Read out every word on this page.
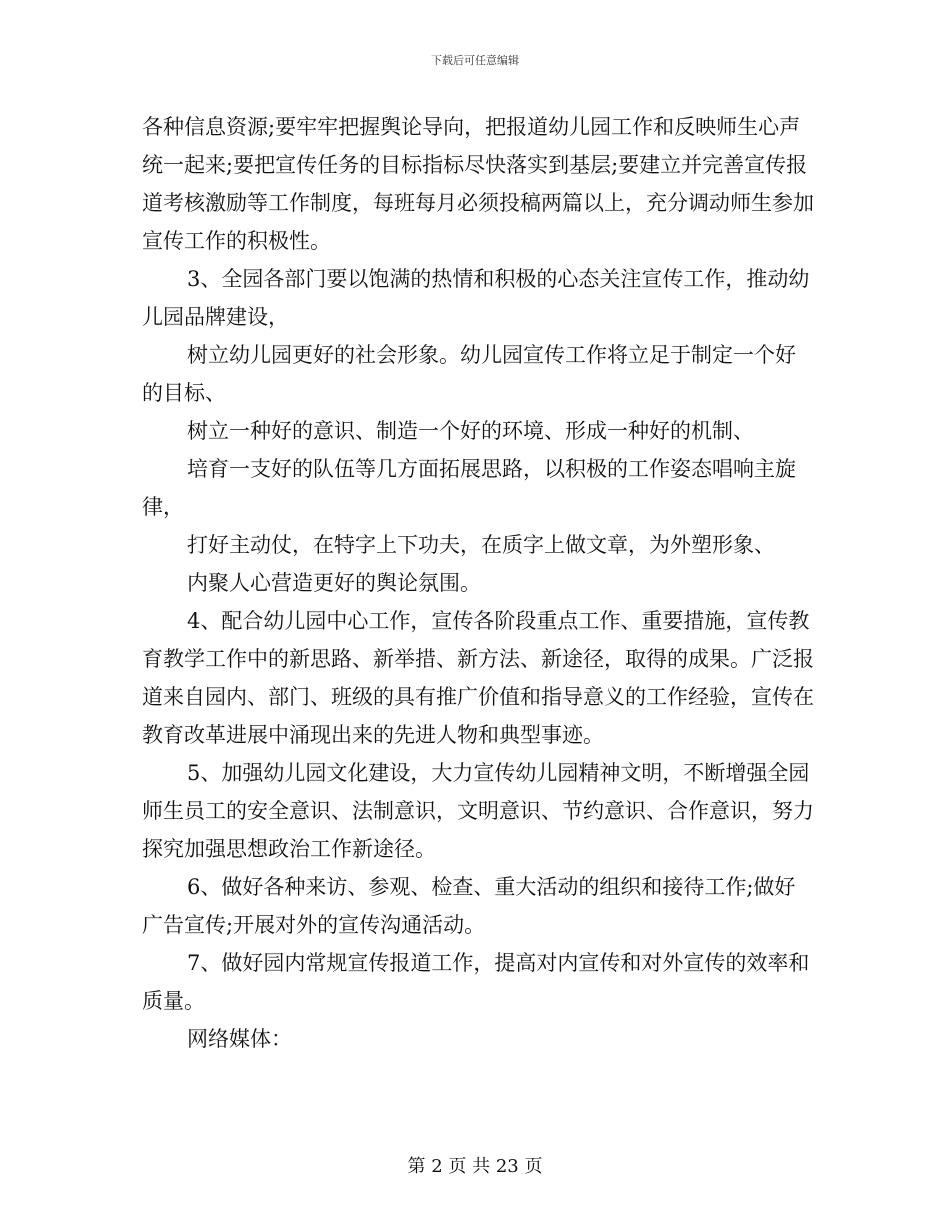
下载后可任意编辑

各种信息资源;要牢牢把握舆论导向，把报道幼儿园工作和反映师生心声统一起来;要把宣传任务的目标指标尽快落实到基层;要建立并完善宣传报道考核激励等工作制度，每班每月必须投稿两篇以上，充分调动师生参加宣传工作的积极性。

3、全园各部门要以饱满的热情和积极的心态关注宣传工作，推动幼儿园品牌建设，

树立幼儿园更好的社会形象。幼儿园宣传工作将立足于制定一个好的目标、

树立一种好的意识、制造一个好的环境、形成一种好的机制、

培育一支好的队伍等几方面拓展思路，以积极的工作姿态唱响主旋律，

打好主动仗，在特字上下功夫，在质字上做文章，为外塑形象、

内聚人心营造更好的舆论氛围。

4、配合幼儿园中心工作，宣传各阶段重点工作、重要措施，宣传教育教学工作中的新思路、新举措、新方法、新途径，取得的成果。广泛报道来自园内、部门、班级的具有推广价值和指导意义的工作经验，宣传在教育改革进展中涌现出来的先进人物和典型事迹。

5、加强幼儿园文化建设，大力宣传幼儿园精神文明，不断增强全园师生员工的安全意识、法制意识，文明意识、节约意识、合作意识，努力探究加强思想政治工作新途径。

6、做好各种来访、参观、检查、重大活动的组织和接待工作;做好广告宣传;开展对外的宣传沟通活动。

7、做好园内常规宣传报道工作，提高对内宣传和对外宣传的效率和质量。

网络媒体：

第 2 页 共 23 页
